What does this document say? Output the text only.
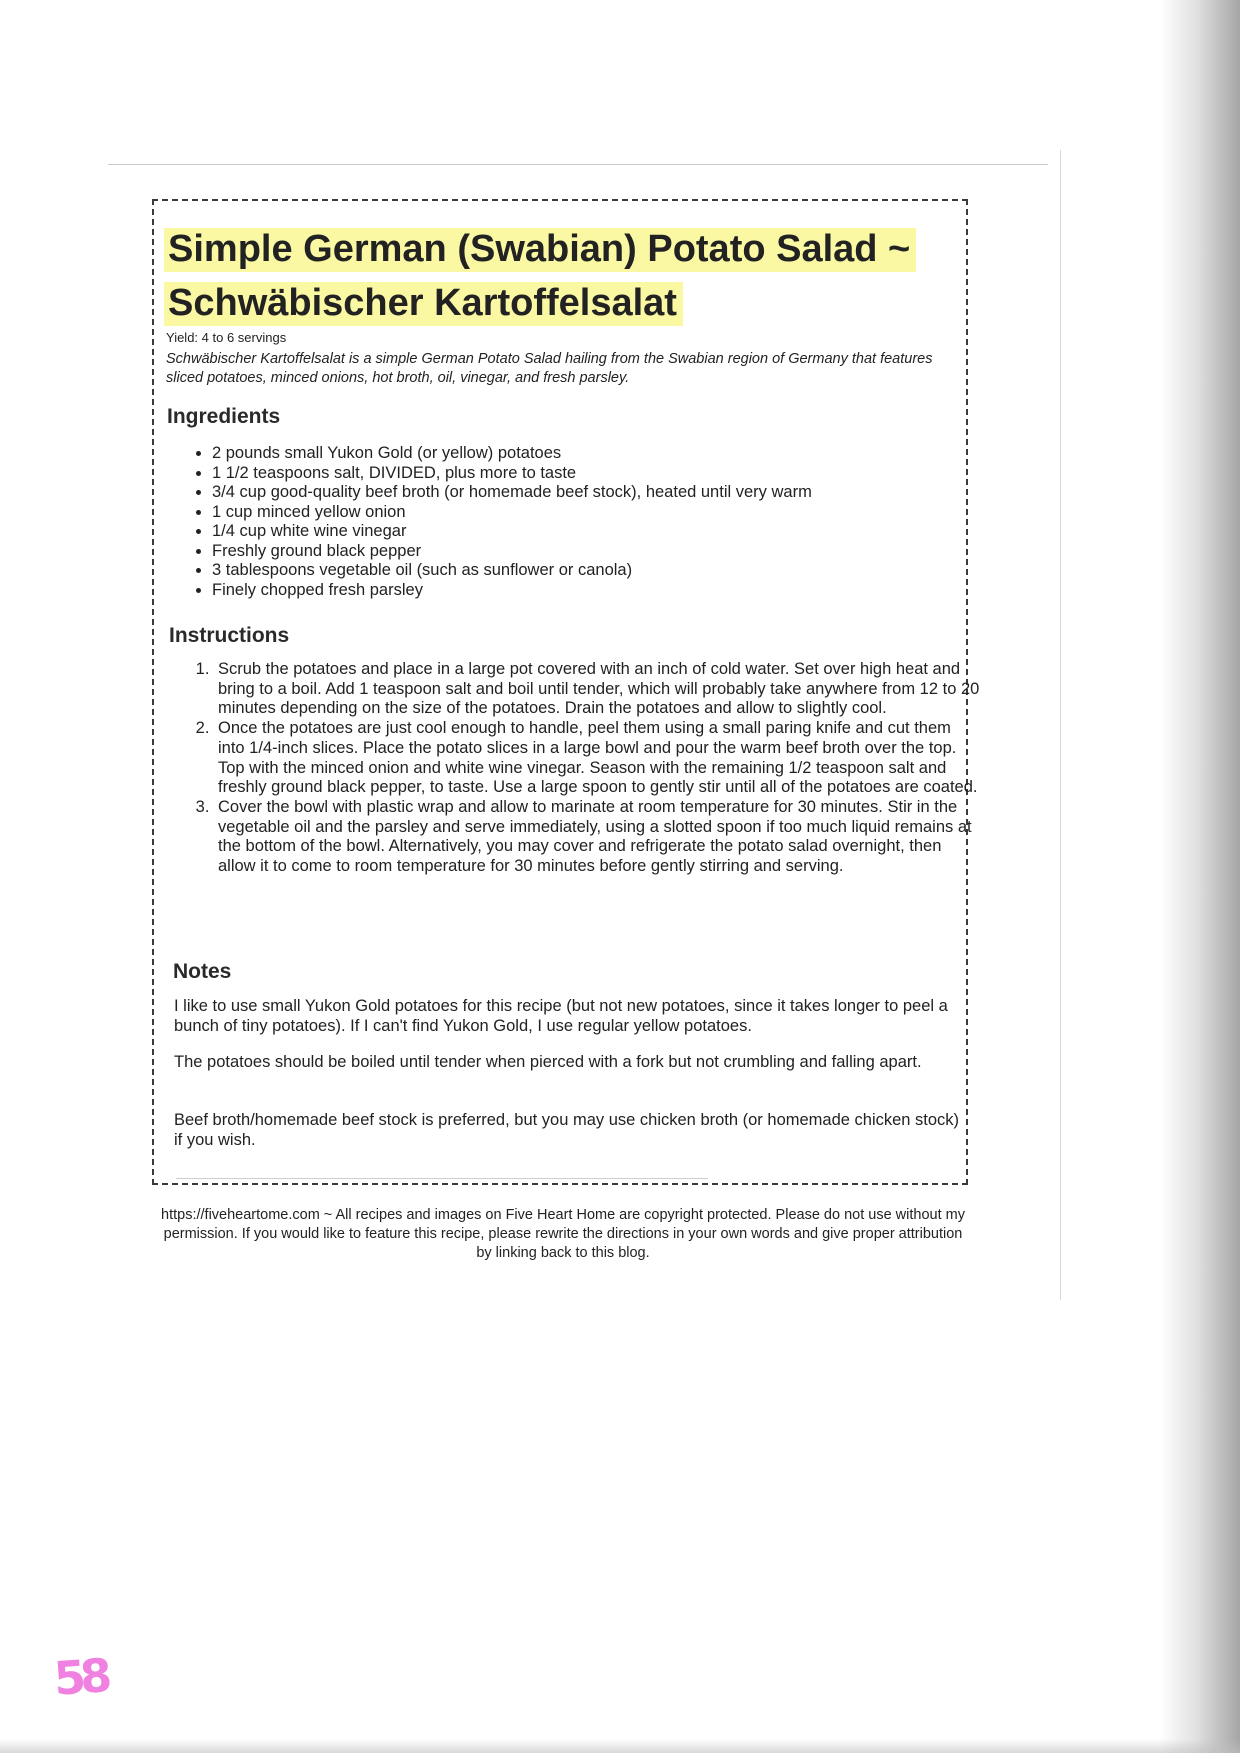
Simple German (Swabian) Potato Salad ~
Schwäbischer Kartoffelsalat
Yield: 4 to 6 servings
Schwäbischer Kartoffelsalat is a simple German Potato Salad hailing from the Swabian region of Germany that features sliced potatoes, minced onions, hot broth, oil, vinegar, and fresh parsley.
Ingredients
• 2 pounds small Yukon Gold (or yellow) potatoes
• 1 1/2 teaspoons salt, DIVIDED, plus more to taste
• 3/4 cup good-quality beef broth (or homemade beef stock), heated until very warm
• 1 cup minced yellow onion
• 1/4 cup white wine vinegar
• Freshly ground black pepper
• 3 tablespoons vegetable oil (such as sunflower or canola)
• Finely chopped fresh parsley
Instructions
1. Scrub the potatoes and place in a large pot covered with an inch of cold water. Set over high heat and bring to a boil. Add 1 teaspoon salt and boil until tender, which will probably take anywhere from 12 to 20 minutes depending on the size of the potatoes. Drain the potatoes and allow to slightly cool.
2. Once the potatoes are just cool enough to handle, peel them using a small paring knife and cut them into 1/4-inch slices. Place the potato slices in a large bowl and pour the warm beef broth over the top. Top with the minced onion and white wine vinegar. Season with the remaining 1/2 teaspoon salt and freshly ground black pepper, to taste. Use a large spoon to gently stir until all of the potatoes are coated.
3. Cover the bowl with plastic wrap and allow to marinate at room temperature for 30 minutes. Stir in the vegetable oil and the parsley and serve immediately, using a slotted spoon if too much liquid remains at the bottom of the bowl. Alternatively, you may cover and refrigerate the potato salad overnight, then allow it to come to room temperature for 30 minutes before gently stirring and serving.
Notes

I like to use small Yukon Gold potatoes for this recipe (but not new potatoes, since it takes longer to peel a bunch of tiny potatoes). If I can't find Yukon Gold, I use regular yellow potatoes.

The potatoes should be boiled until tender when pierced with a fork but not crumbling and falling apart.

Beef broth/homemade beef stock is preferred, but you may use chicken broth (or homemade chicken stock) if you wish.

https://fiveheartome.com ~ All recipes and images on Five Heart Home are copyright protected. Please do not use without my permission. If you would like to feature this recipe, please rewrite the directions in your own words and give proper attribution by linking back to this blog.
58
